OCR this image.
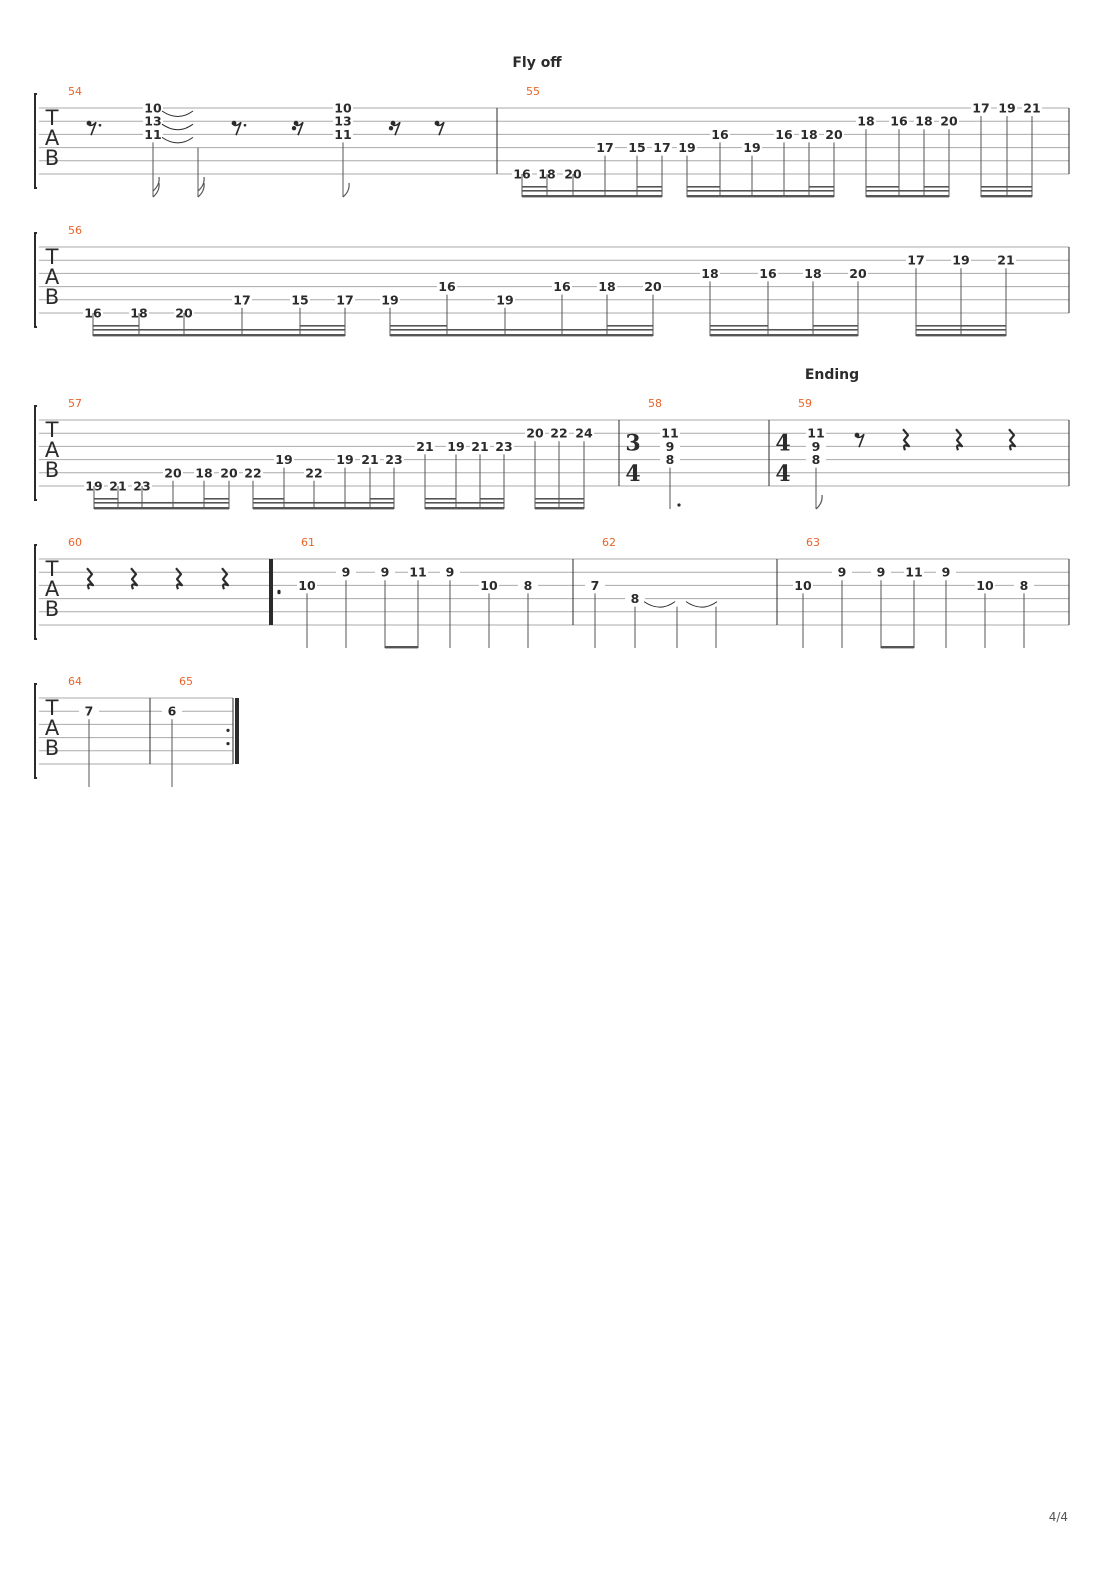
T
A
B
54
10
13
11
10
13
11
55
16 18 20
17 15 17 19
16
19
16 18 20
18 16 18 20
17 19 21
T
A
B
56
16 18 20
17	15 17 19
16
19
16 18 20
18	16 18 20
17 19 21
T
A
B
57
19 21 23
20 18 20 22
19
22
19 21 23
21 19 21 23
20 22 24
58
3
4
11
9
8
59
4
4
11
9
8
T
A
B
60	61
10
9 9 11 9
10 8
62
7
8
63
10
9 9 11 9
10 8
T
A
B
64
7
65
6
Fly off
Ending
4/4
